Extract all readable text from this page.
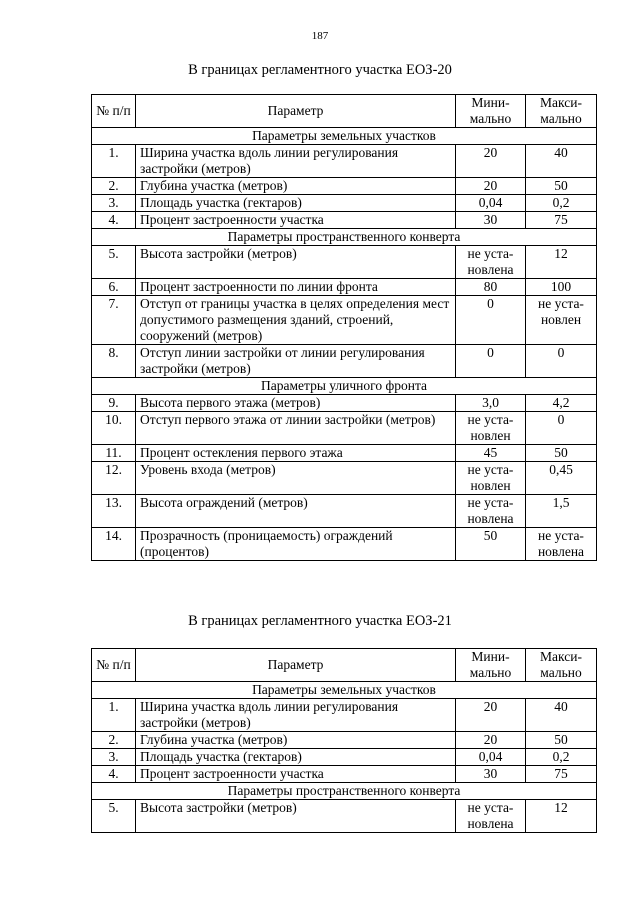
187
В границах регламентного участка ЕОЗ-20
№ п/п	Параметр	Мини-мально	Макси-мально
Параметры земельных участков			
1.	Ширина участка вдоль линии регулирования застройки (метров)	20	40
2.	Глубина участка (метров)	20	50
3.	Площадь участка (гектаров)	0,04	0,2
4.	Процент застроенности участка	30	75
Параметры пространственного конверта			
5.	Высота застройки (метров)	не уста-новлена	12
6.	Процент застроенности по линии фронта	80	100
7.	Отступ от границы участка в целях определения мест допустимого размещения зданий, строений, сооружений (метров)	0	не уста-новлен
8.	Отступ линии застройки от линии регулирования застройки (метров)	0	0
Параметры уличного фронта			
9.	Высота первого этажа (метров)	3,0	4,2
10.	Отступ первого этажа от линии застройки (метров)	не уста-новлен	0
11.	Процент остекления первого этажа	45	50
12.	Уровень входа (метров)	не уста-новлен	0,45
13.	Высота ограждений (метров)	не уста-новлена	1,5
14.	Прозрачность (проницаемость) ограждений (процентов)	50	не уста-новлена
В границах регламентного участка ЕОЗ-21
№ п/п	Параметр	Мини-мально	Макси-мально
Параметры земельных участков			
1.	Ширина участка вдоль линии регулирования застройки (метров)	20	40
2.	Глубина участка (метров)	20	50
3.	Площадь участка (гектаров)	0,04	0,2
4.	Процент застроенности участка	30	75
Параметры пространственного конверта			
5.	Высота застройки (метров)	не уста-новлена	12
